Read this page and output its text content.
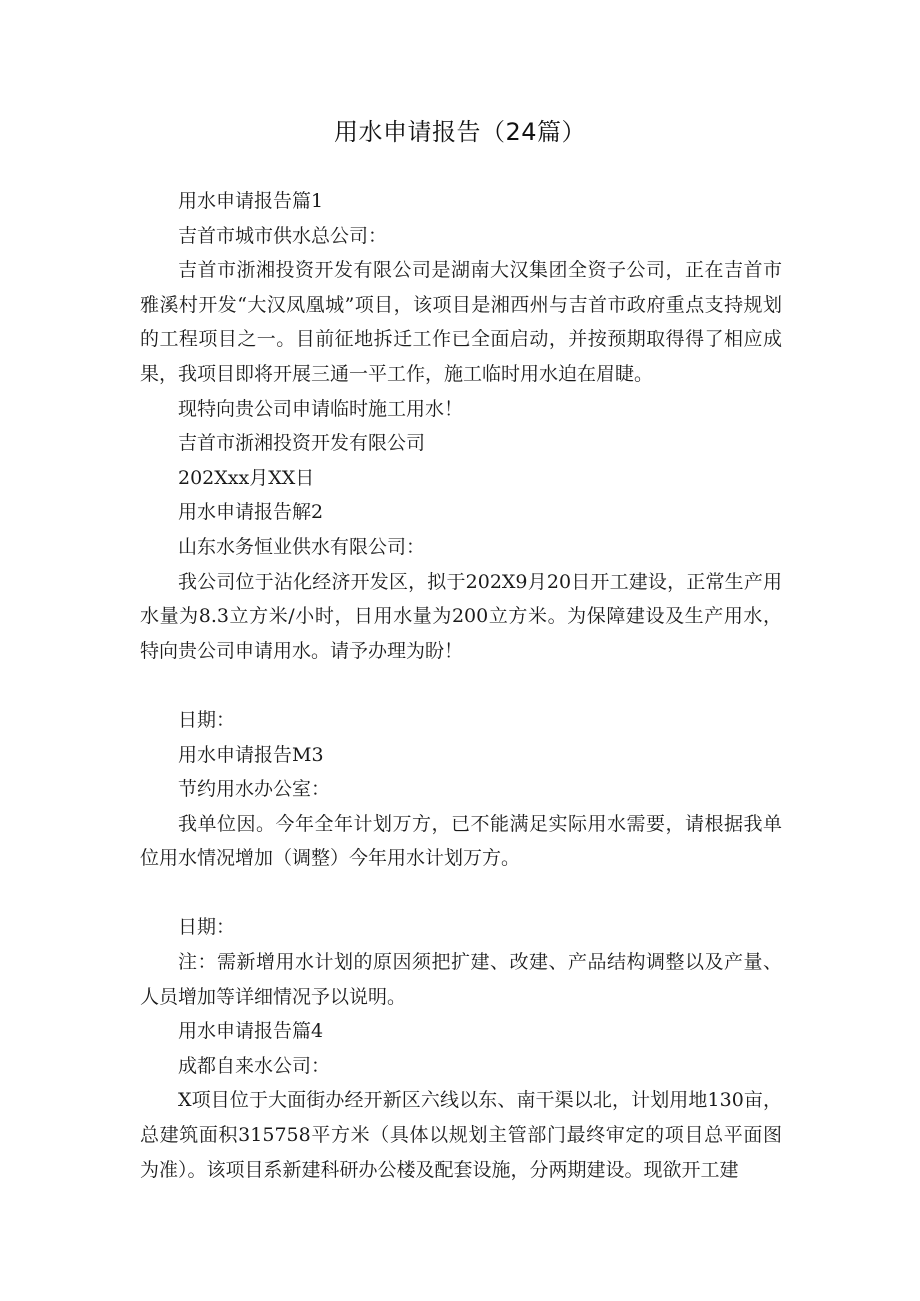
用水申请报告（24篇）

用水申请报告篇1

吉首市城市供水总公司：

吉首市浙湘投资开发有限公司是湖南大汉集团全资子公司，正在吉首市雅溪村开发“大汉凤凰城”项目，该项目是湘西州与吉首市政府重点支持规划的工程项目之一。目前征地拆迁工作已全面启动，并按预期取得得了相应成果，我项目即将开展三通一平工作，施工临时用水迫在眉睫。

现特向贵公司申请临时施工用水！

吉首市浙湘投资开发有限公司

202Xxx月XX日

用水申请报告解2

山东水务恒业供水有限公司：

我公司位于沾化经济开发区，拟于202X9月20日开工建设，正常生产用水量为8.3立方米/小时，日用水量为200立方米。为保障建设及生产用水，特向贵公司申请用水。请予办理为盼！

日期：

用水申请报告M3

节约用水办公室：

我单位因。今年全年计划万方，已不能满足实际用水需要，请根据我单位用水情况增加（调整）今年用水计划万方。

日期：

注：需新增用水计划的原因须把扩建、改建、产品结构调整以及产量、人员增加等详细情况予以说明。

用水申请报告篇4

成都自来水公司：

X项目位于大面街办经开新区六线以东、南干渠以北，计划用地130亩，总建筑面积315758平方米（具体以规划主管部门最终审定的项目总平面图为准）。该项目系新建科研办公楼及配套设施，分两期建设。现欲开工建
